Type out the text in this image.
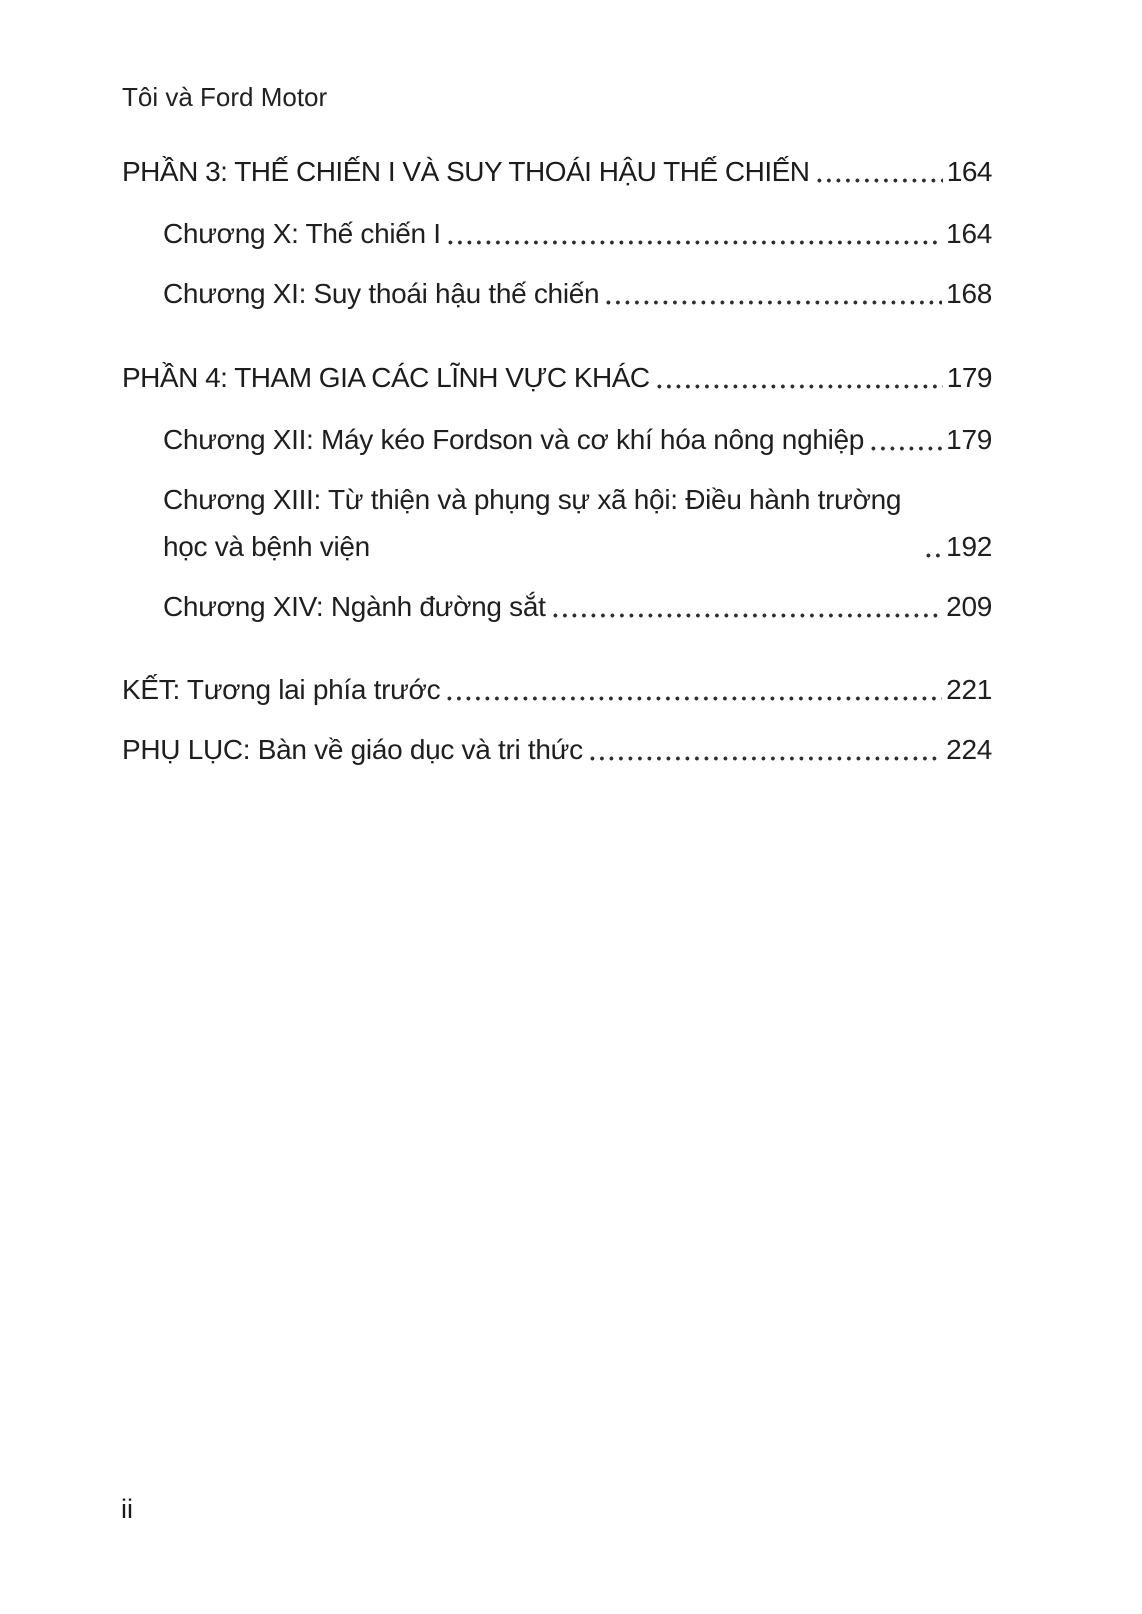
Tôi và Ford Motor
PHẦN 3: THẾ CHIẾN I VÀ SUY THOÁI HẬU THẾ CHIẾN	164
Chương X: Thế chiến I	164
Chương XI: Suy thoái hậu thế chiến	168
PHẦN 4: THAM GIA CÁC LĨNH VỰC KHÁC	179
Chương XII: Máy kéo Fordson và cơ khí hóa nông nghiệp	179
Chương XIII: Từ thiện và phụng sự xã hội: Điều hành trường học và bệnh viện	192
Chương XIV: Ngành đường sắt	209
KẾT: Tương lai phía trước	221
PHỤ LỤC: Bàn về giáo dục và tri thức	224
ii
